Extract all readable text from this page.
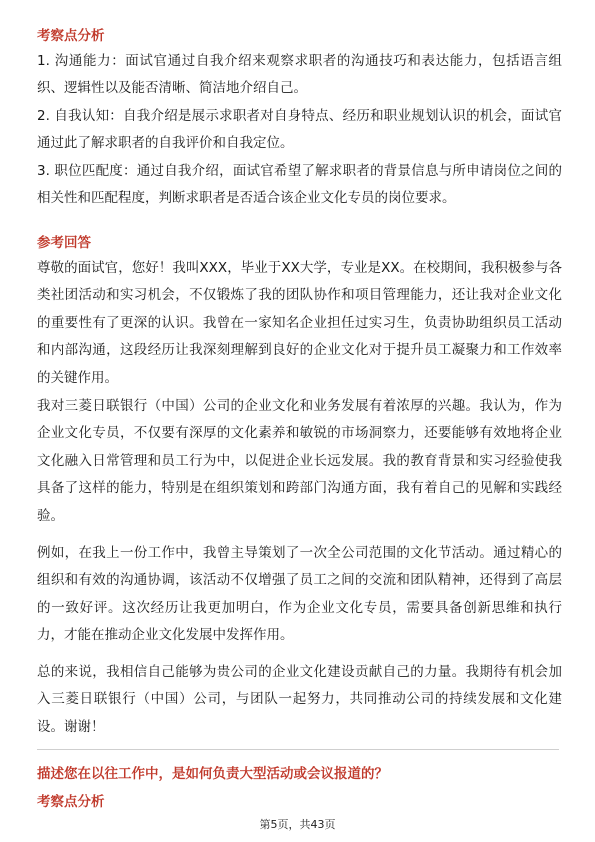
考察点分析

1. 沟通能力：面试官通过自我介绍来观察求职者的沟通技巧和表达能力，包括语言组织、逻辑性以及能否清晰、简洁地介绍自己。

2. 自我认知：自我介绍是展示求职者对自身特点、经历和职业规划认识的机会，面试官通过此了解求职者的自我评价和自我定位。

3. 职位匹配度：通过自我介绍，面试官希望了解求职者的背景信息与所申请岗位之间的相关性和匹配程度，判断求职者是否适合该企业文化专员的岗位要求。

参考回答

尊敬的面试官，您好！我叫XXX，毕业于XX大学，专业是XX。在校期间，我积极参与各类社团活动和实习机会，不仅锻炼了我的团队协作和项目管理能力，还让我对企业文化的重要性有了更深的认识。我曾在一家知名企业担任过实习生，负责协助组织员工活动和内部沟通，这段经历让我深刻理解到良好的企业文化对于提升员工凝聚力和工作效率的关键作用。

我对三菱日联银行（中国）公司的企业文化和业务发展有着浓厚的兴趣。我认为，作为企业文化专员，不仅要有深厚的文化素养和敏锐的市场洞察力，还要能够有效地将企业文化融入日常管理和员工行为中，以促进企业长远发展。我的教育背景和实习经验使我具备了这样的能力，特别是在组织策划和跨部门沟通方面，我有着自己的见解和实践经验。

例如，在我上一份工作中，我曾主导策划了一次全公司范围的文化节活动。通过精心的组织和有效的沟通协调，该活动不仅增强了员工之间的交流和团队精神，还得到了高层的一致好评。这次经历让我更加明白，作为企业文化专员，需要具备创新思维和执行力，才能在推动企业文化发展中发挥作用。

总的来说，我相信自己能够为贵公司的企业文化建设贡献自己的力量。我期待有机会加入三菱日联银行（中国）公司，与团队一起努力，共同推动公司的持续发展和文化建设。谢谢！

描述您在以往工作中，是如何负责大型活动或会议报道的？
考察点分析
第5页，共43页
